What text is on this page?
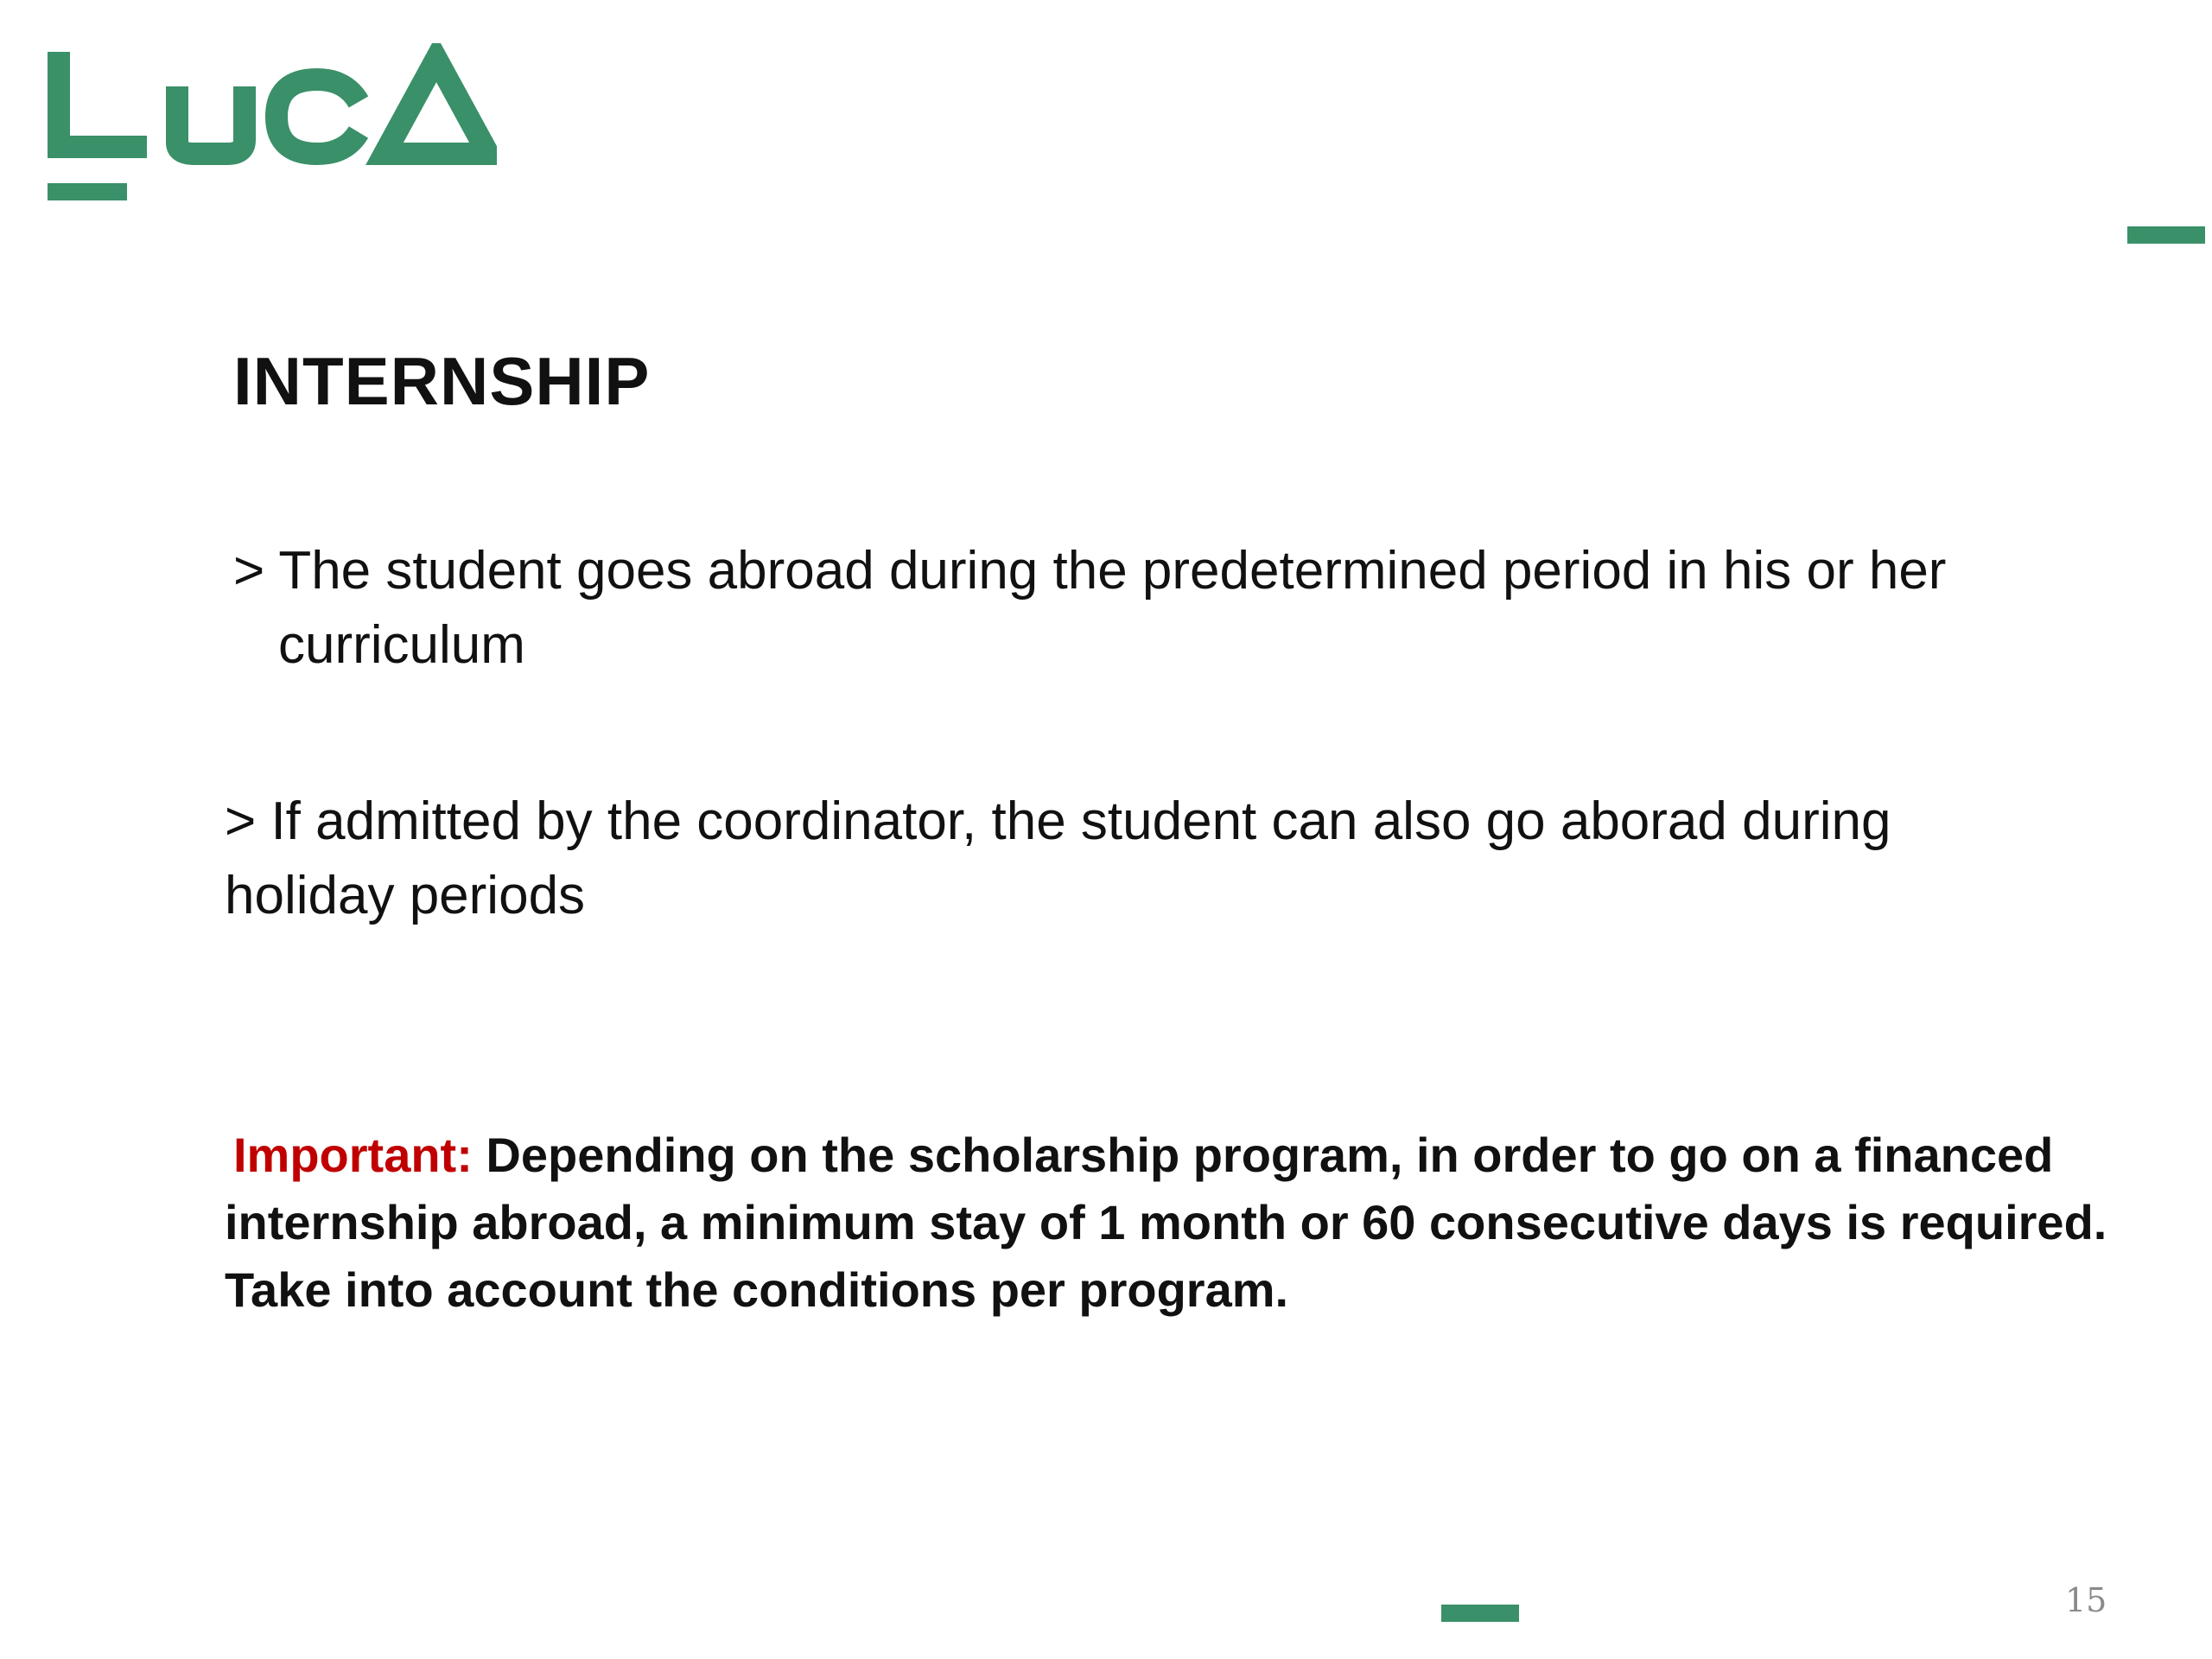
INTERNSHIP

> The student goes abroad during the predetermined period in his or her curriculum

> If admitted by the coordinator, the student can also go aborad during holiday periods

Important: Depending on the scholarship program, in order to go on a financed internship abroad, a minimum stay of 1 month or 60 consecutive days is required. Take into account the conditions per program.

15
